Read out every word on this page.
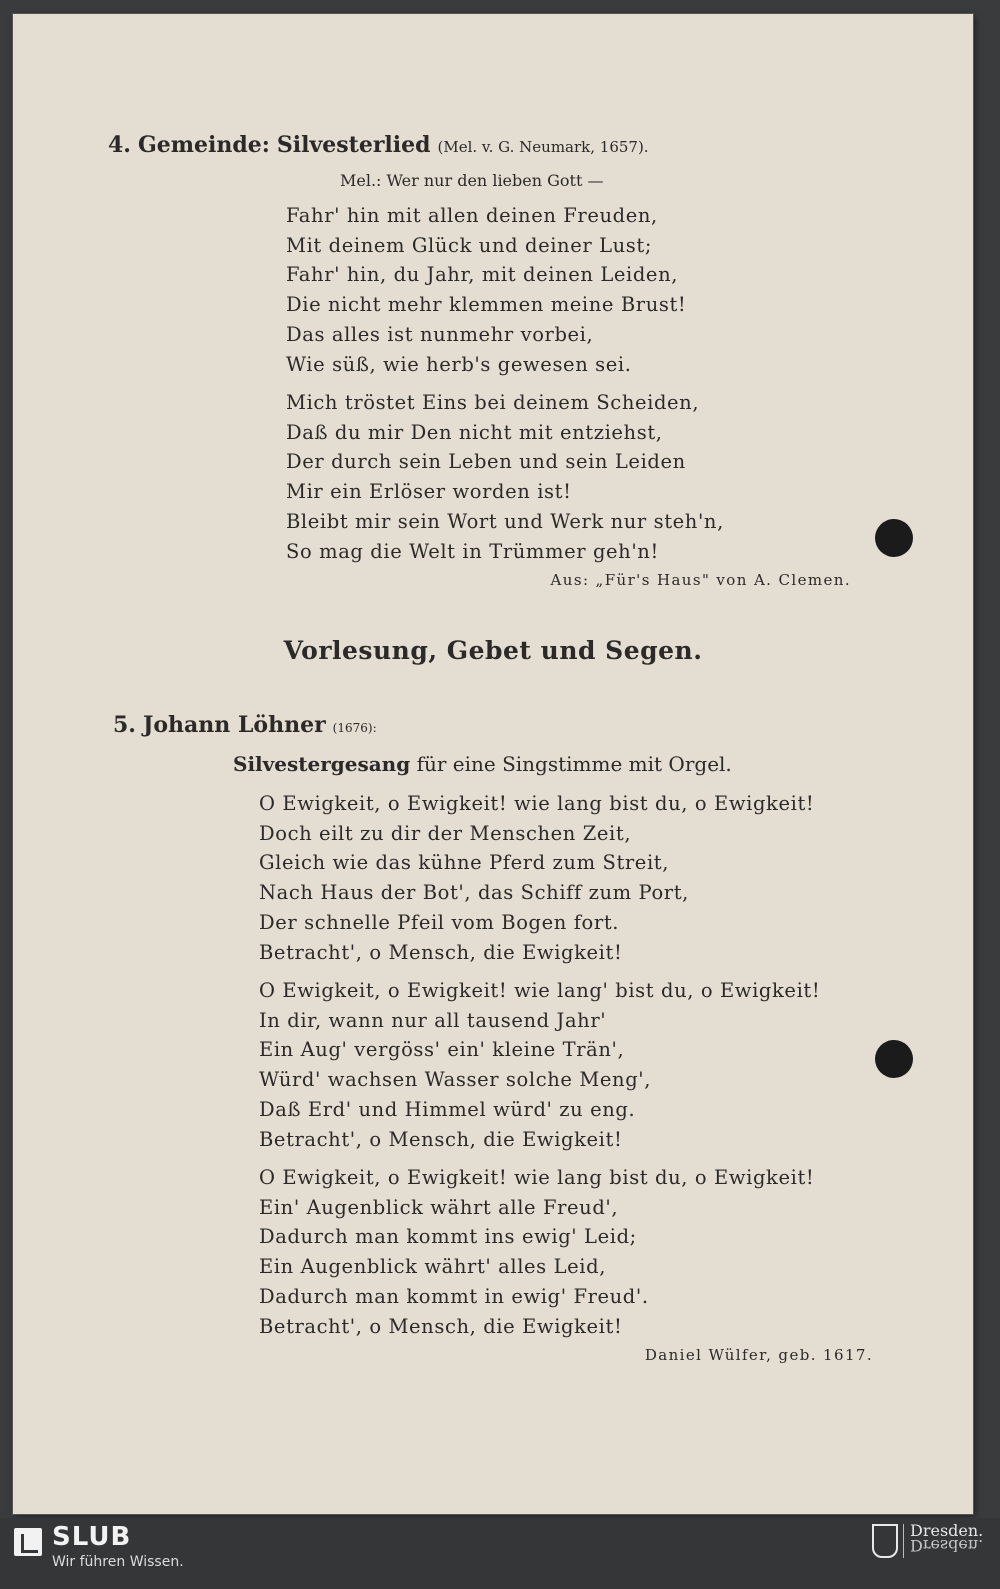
4. Gemeinde: Silvesterlied (Mel. v. G. Neumark, 1657).
Mel.: Wer nur den lieben Gott —
Fahr' hin mit allen deinen Freuden,
Mit deinem Glück und deiner Lust;
Fahr' hin, du Jahr, mit deinen Leiden,
Die nicht mehr klemmen meine Brust!
Das alles ist nunmehr vorbei,
Wie süß, wie herb's gewesen sei.
Mich tröstet Eins bei deinem Scheiden,
Daß du mir Den nicht mit entziehst,
Der durch sein Leben und sein Leiden
Mir ein Erlöser worden ist!
Bleibt mir sein Wort und Werk nur steh'n,
So mag die Welt in Trümmer geh'n!
Aus: „Für's Haus" von A. Clemen.
Vorlesung, Gebet und Segen.
5. Johann Löhner (1676):
Silvestergesang für eine Singstimme mit Orgel.
O Ewigkeit, o Ewigkeit! wie lang bist du, o Ewigkeit!
Doch eilt zu dir der Menschen Zeit,
Gleich wie das kühne Pferd zum Streit,
Nach Haus der Bot', das Schiff zum Port,
Der schnelle Pfeil vom Bogen fort.
Betracht', o Mensch, die Ewigkeit!
O Ewigkeit, o Ewigkeit! wie lang' bist du, o Ewigkeit!
In dir, wann nur all tausend Jahr'
Ein Aug' vergöss' ein' kleine Trän',
Würd' wachsen Wasser solche Meng',
Daß Erd' und Himmel würd' zu eng.
Betracht', o Mensch, die Ewigkeit!
O Ewigkeit, o Ewigkeit! wie lang bist du, o Ewigkeit!
Ein' Augenblick währt alle Freud',
Dadurch man kommt ins ewig' Leid;
Ein Augenblick währt' alles Leid,
Dadurch man kommt in ewig' Freud'.
Betracht', o Mensch, die Ewigkeit!
Daniel Wülfer, geb. 1617.
SLUB
Wir führen Wissen.
Dresden.
Dresden.
